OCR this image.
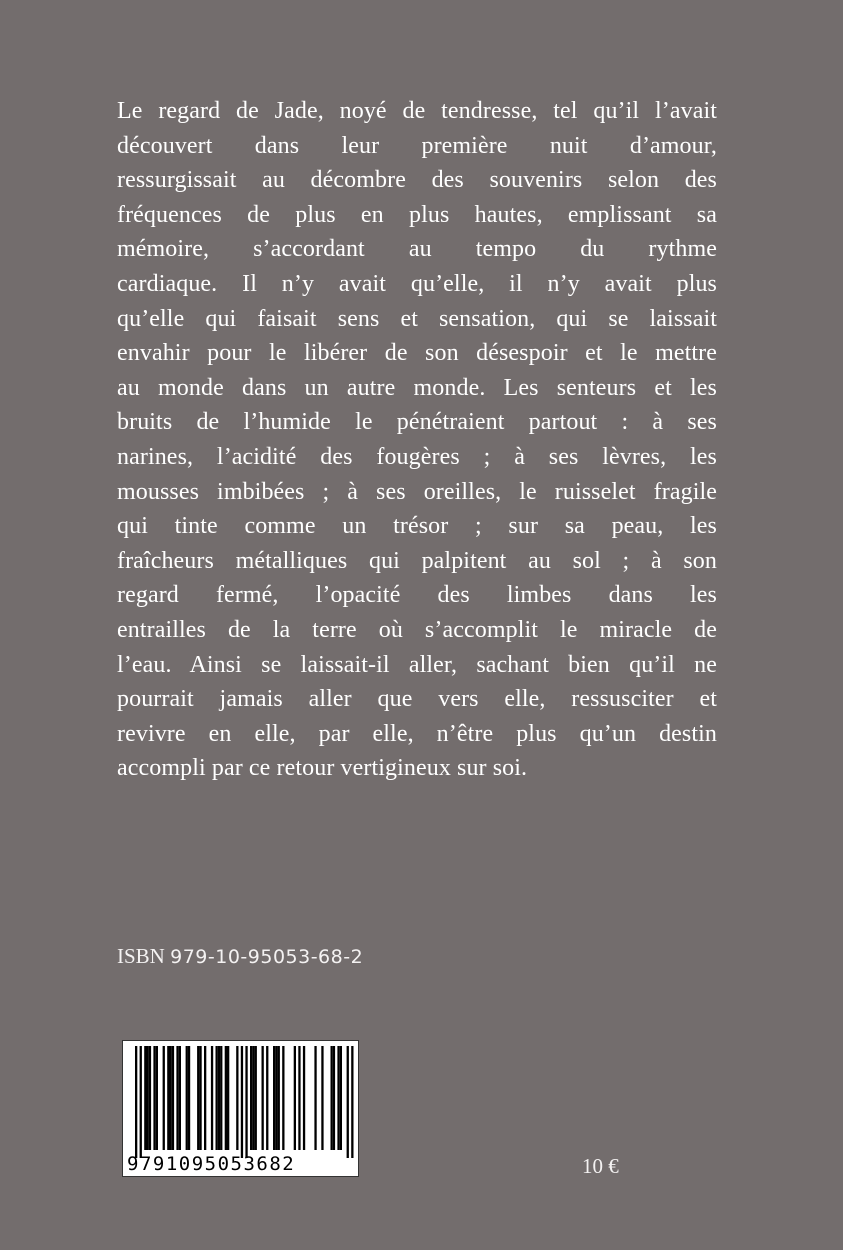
Le regard de Jade, noyé de tendresse, tel qu’il l’avait
découvert dans leur première nuit d’amour,
ressurgissait au décombre des souvenirs selon des
fréquences de plus en plus hautes, emplissant sa
mémoire, s’accordant au tempo du rythme
cardiaque. Il n’y avait qu’elle, il n’y avait plus
qu’elle qui faisait sens et sensation, qui se laissait
envahir pour le libérer de son désespoir et le mettre
au monde dans un autre monde. Les senteurs et les
bruits de l’humide le pénétraient partout : à ses
narines, l’acidité des fougères ; à ses lèvres, les
mousses imbibées ; à ses oreilles, le ruisselet fragile
qui tinte comme un trésor ; sur sa peau, les
fraîcheurs métalliques qui palpitent au sol ; à son
regard fermé, l’opacité des limbes dans les
entrailles de la terre où s’accomplit le miracle de
l’eau. Ainsi se laissait-il aller, sachant bien qu’il ne
pourrait jamais aller que vers elle, ressusciter et
revivre en elle, par elle, n’être plus qu’un destin
accompli par ce retour vertigineux sur soi.
ISBN 979-10-95053-68-2
9791095053682	10 €
